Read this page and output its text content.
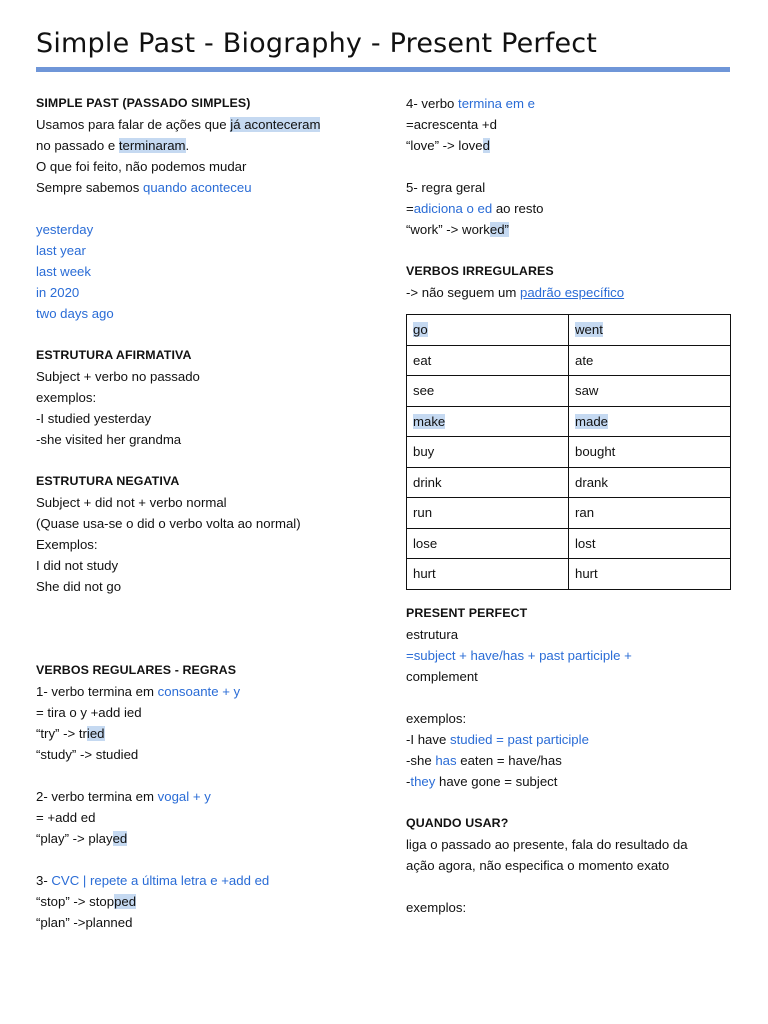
Simple Past - Biography - Present Perfect
SIMPLE PAST (PASSADO SIMPLES)
Usamos para falar de ações que já aconteceram
no passado e terminaram.
O que foi feito, não podemos mudar
Sempre sabemos quando aconteceu
yesterday
last year
last week
in 2020
two days ago
ESTRUTURA AFIRMATIVA
Subject + verbo no passado
exemplos:
-I studied yesterday
-she visited her grandma
ESTRUTURA NEGATIVA
Subject + did not + verbo normal
(Quase usa-se o did o verbo volta ao normal)
Exemplos:
I did not study
She did not go
VERBOS REGULARES - REGRAS
1- verbo termina em consoante + y
= tira o y +add ied
“try” -> tried
“study” -> studied
2- verbo termina em vogal + y
= +add ed
“play” -> played
3- CVC | repete a última letra e +add ed
“stop” -> stopped
“plan” ->planned
4- verbo termina em e
=acrescenta +d
“love” -> loved
5- regra geral
=adiciona o ed ao resto
“work” -> worked”
VERBOS IRREGULARES
-> não seguem um padrão específico
go	went
eat	ate
see	saw
make	made
buy	bought
drink	drank
run	ran
lose	lost
hurt	hurt
PRESENT PERFECT
estrutura
=subject + have/has + past participle +
complement
exemplos:
-I have studied = past participle
-she has eaten = have/has
-they have gone = subject
QUANDO USAR?
liga o passado ao presente, fala do resultado da
ação agora, não especifica o momento exato
exemplos:
